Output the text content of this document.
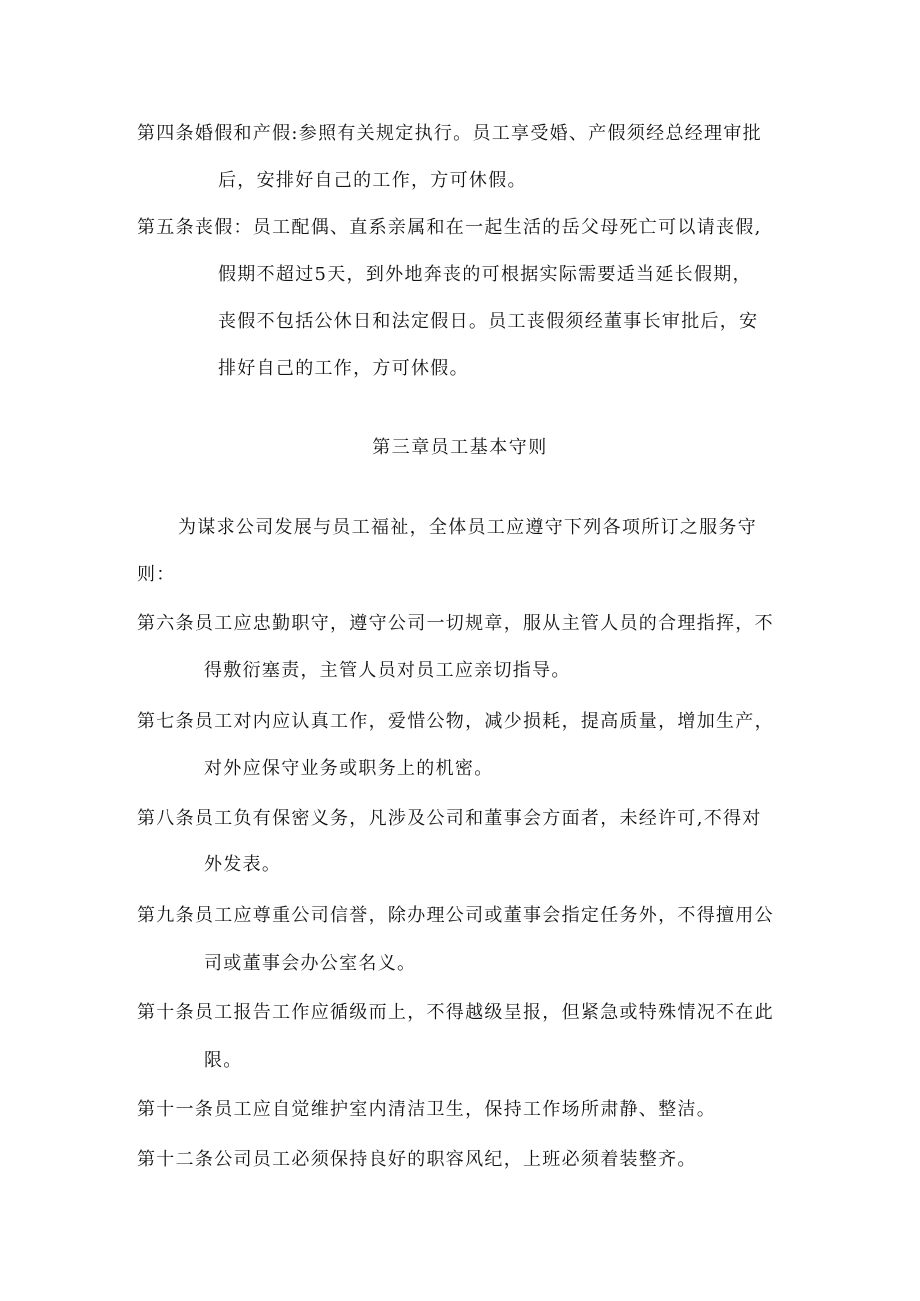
第四条婚假和产假:参照有关规定执行。员工享受婚、产假须经总经理审批
后，安排好自己的工作，方可休假。
第五条丧假：员工配偶、直系亲属和在一起生活的岳父母死亡可以请丧假,
假期不超过5天，到外地奔丧的可根据实际需要适当延长假期，
丧假不包括公休日和法定假日。员工丧假须经董事长审批后，安
排好自己的工作，方可休假。
第三章员工基本守则
为谋求公司发展与员工福祉，全体员工应遵守下列各项所订之服务守
则：
第六条员工应忠勤职守，遵守公司一切规章，服从主管人员的合理指挥，不
得敷衍塞责，主管人员对员工应亲切指导。
第七条员工对内应认真工作，爱惜公物，减少损耗，提高质量，增加生产，
对外应保守业务或职务上的机密。
第八条员工负有保密义务，凡涉及公司和董事会方面者，未经许可,不得对
外发表。
第九条员工应尊重公司信誉，除办理公司或董事会指定任务外，不得擅用公
司或董事会办公室名义。
第十条员工报告工作应循级而上，不得越级呈报，但紧急或特殊情况不在此
限。
第十一条员工应自觉维护室内清洁卫生，保持工作场所肃静、整洁。
第十二条公司员工必须保持良好的职容风纪，上班必须着装整齐。
